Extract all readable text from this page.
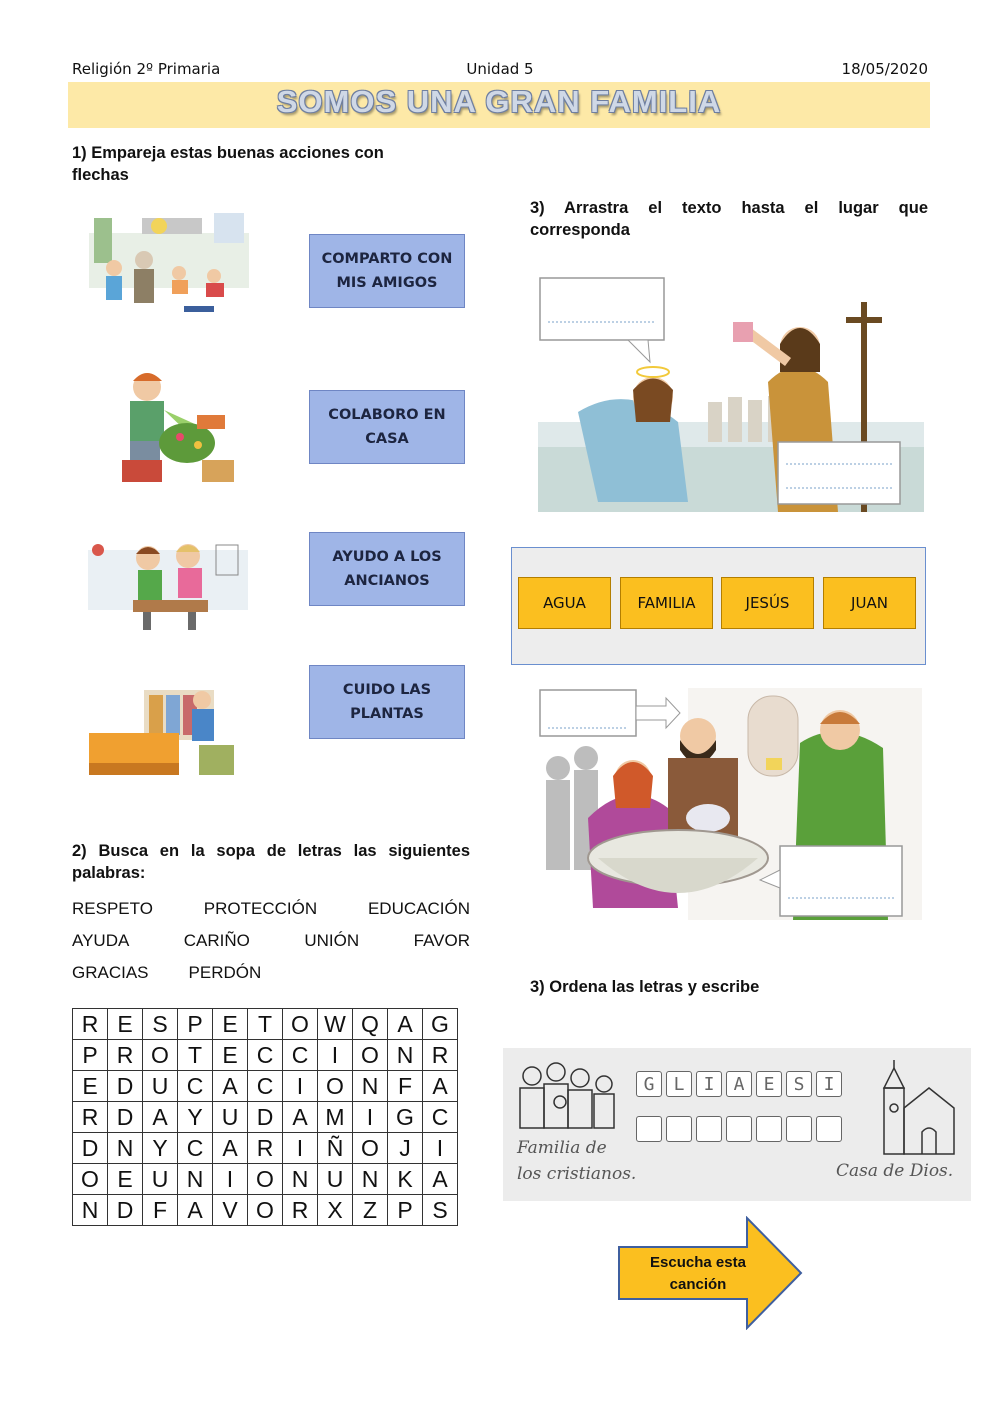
Religión 2º Primaria	Unidad 5	18/05/2020
SOMOS UNA GRAN FAMILIA
1) Empareja estas buenas acciones con
flechas
COMPARTO CON
MIS AMIGOS
COLABORO EN
CASA
AYUDO A LOS
ANCIANOS
CUIDO LAS
PLANTAS
2) Busca en la sopa de letras las siguientes
palabras:
RESPETO	PROTECCIÓN	EDUCACIÓN
AYUDA	CARIÑO	UNIÓN	FAVOR
GRACIAS PERDÓN
R	E	S	P	E	T	O	W	Q	A	G
P	R	O	T	E	C	C	I	O	N	R
E	D	U	C	A	C	I	O	N	F	A
R	D	A	Y	U	D	A	M	I	G	C
D	N	Y	C	A	R	I	Ñ	O	J	I
O	E	U	N	I	O	N	U	N	K	A
N	D	F	A	V	O	R	X	Z	P	S
3) Arrastra el texto hasta el lugar que
corresponda
AGUA	FAMILIA	JESÚS	JUAN
3) Ordena las letras y escribe
G	L	I	A	E	S	I
Familia de
los cristianos.	Casa de Dios.
Escucha esta
canción
